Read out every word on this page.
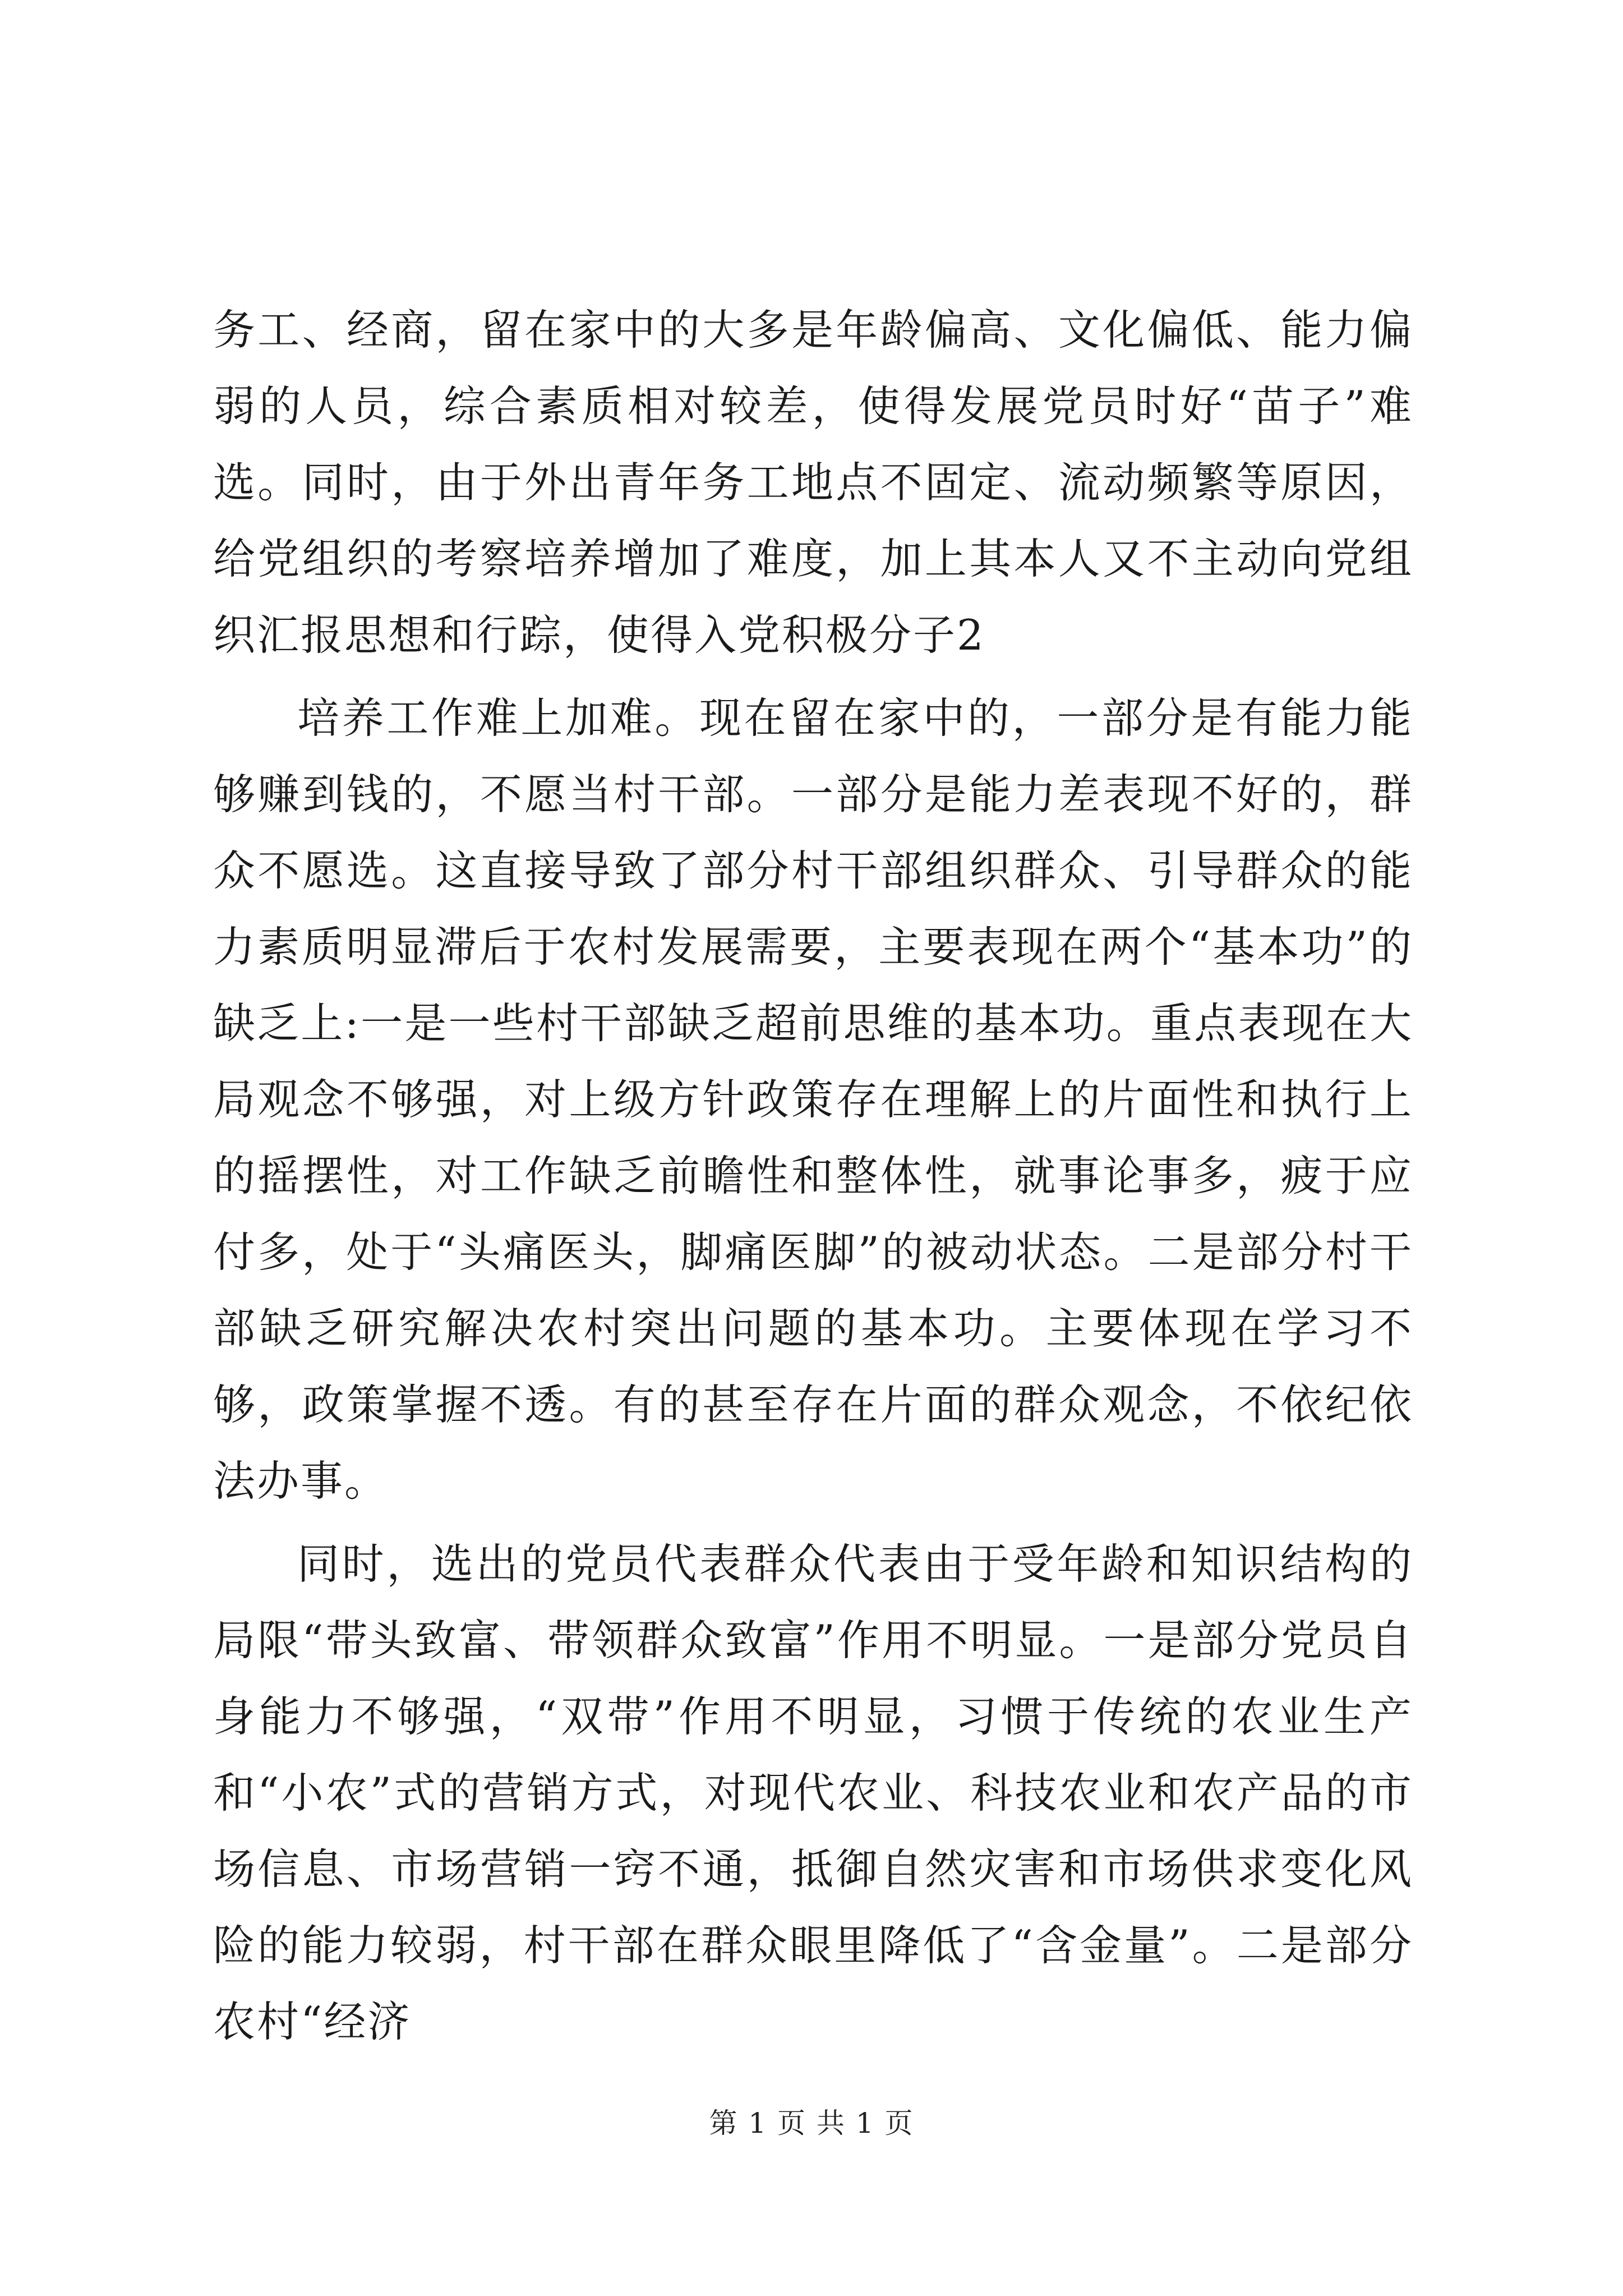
务工、经商，留在家中的大多是年龄偏高、文化偏低、能力偏弱的人员，综合素质相对较差，使得发展党员时好“苗子”难选。同时，由于外出青年务工地点不固定、流动频繁等原因，给党组织的考察培养增加了难度，加上其本人又不主动向党组织汇报思想和行踪，使得入党积极分子2

培养工作难上加难。现在留在家中的，一部分是有能力能够赚到钱的，不愿当村干部。一部分是能力差表现不好的，群众不愿选。这直接导致了部分村干部组织群众、引导群众的能力素质明显滞后于农村发展需要，主要表现在两个“基本功”的缺乏上:一是一些村干部缺乏超前思维的基本功。重点表现在大局观念不够强，对上级方针政策存在理解上的片面性和执行上的摇摆性，对工作缺乏前瞻性和整体性，就事论事多，疲于应付多，处于“头痛医头，脚痛医脚”的被动状态。二是部分村干部缺乏研究解决农村突出问题的基本功。主要体现在学习不够，政策掌握不透。有的甚至存在片面的群众观念，不依纪依法办事。

同时，选出的党员代表群众代表由于受年龄和知识结构的局限“带头致富、带领群众致富”作用不明显。一是部分党员自身能力不够强，“双带”作用不明显，习惯于传统的农业生产和“小农”式的营销方式，对现代农业、科技农业和农产品的市场信息、市场营销一窍不通，抵御自然灾害和市场供求变化风险的能力较弱，村干部在群众眼里降低了“含金量”。二是部分农村“经济

第 1 页 共 1 页
